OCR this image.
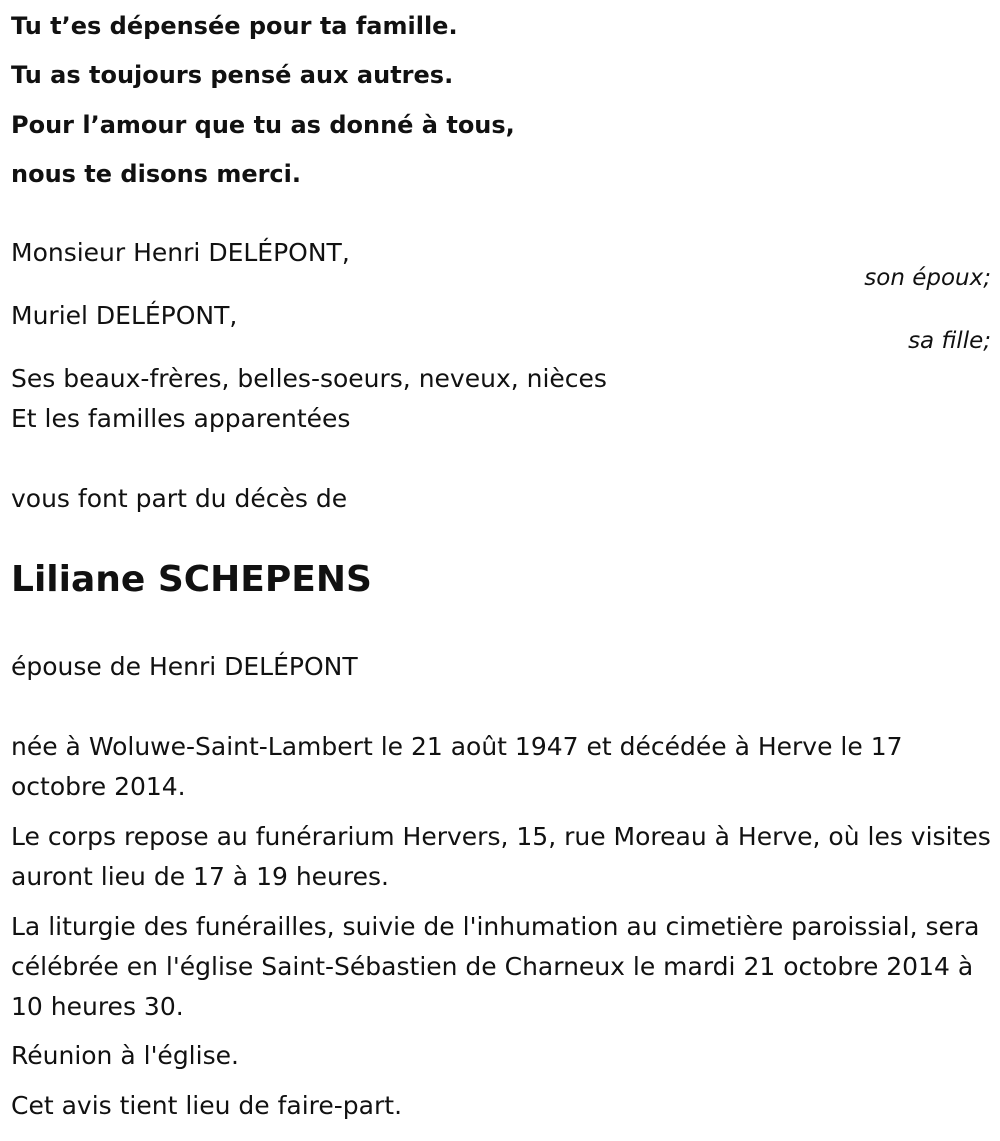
Tu t’es dépensée pour ta famille.
Tu as toujours pensé aux autres.
Pour l’amour que tu as donné à tous,
nous te disons merci.
Monsieur Henri DELÉPONT,
son époux;
Muriel DELÉPONT,
sa fille;
Ses beaux-frères, belles-soeurs, neveux, nièces
Et les familles apparentées
vous font part du décès de
Liliane SCHEPENS
épouse de Henri DELÉPONT
née à Woluwe-Saint-Lambert le 21 août 1947 et décédée à Herve le 17 octobre 2014.
Le corps repose au funérarium Hervers, 15, rue Moreau à Herve, où les visites auront lieu de 17 à 19 heures.
La liturgie des funérailles, suivie de l'inhumation au cimetière paroissial, sera célébrée en l'église Saint-Sébastien de Charneux le mardi 21 octobre 2014 à 10 heures 30.
Réunion à l'église.
Cet avis tient lieu de faire-part.
